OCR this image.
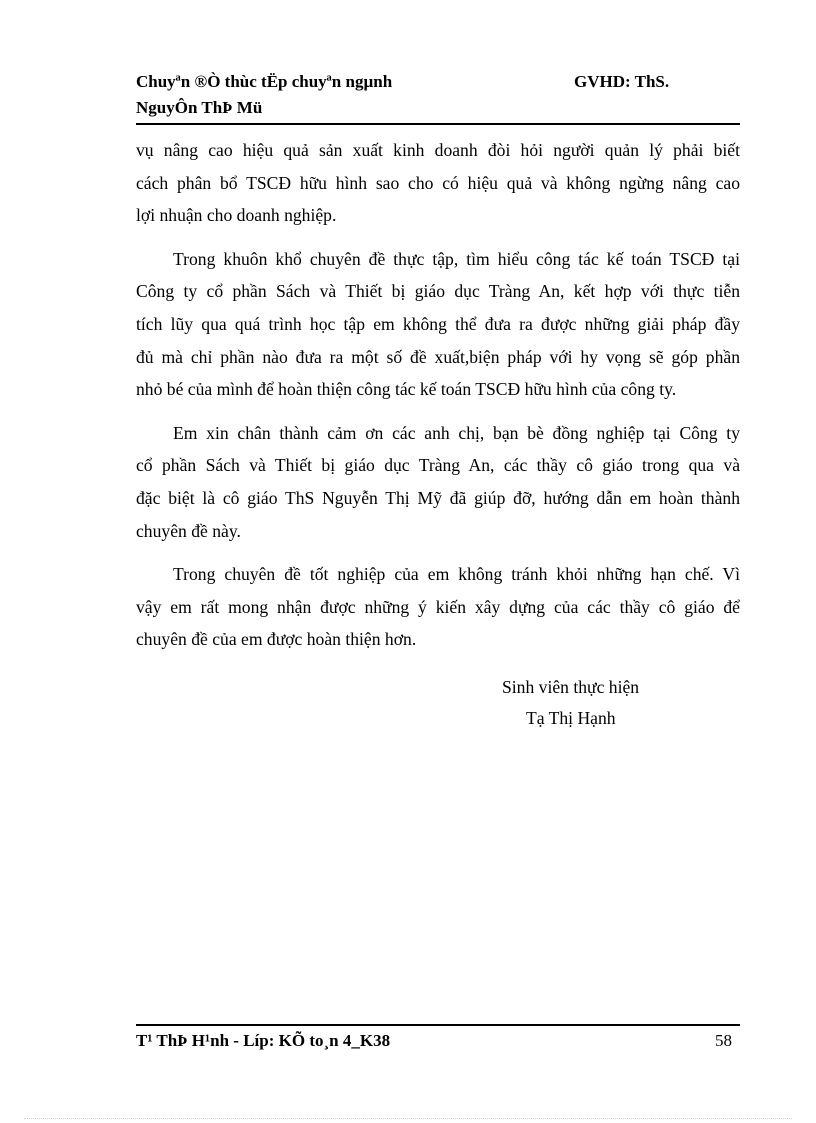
Chuyªn ®Ò thùc tËp chuyªn ngµnh	GVHD: ThS.
NguyÔn ThÞ Mü
vụ nâng cao hiệu quả sản xuất kinh doanh đòi hỏi người quản lý phải biết
cách phân bổ TSCĐ hữu hình sao cho có hiệu quả và không ngừng nâng cao
lợi nhuận cho doanh nghiệp.
Trong khuôn khổ chuyên đề thực tập, tìm hiểu công tác kế toán TSCĐ tại
Công ty cổ phần Sách và Thiết bị giáo dục Tràng An, kết hợp với thực tiễn
tích lũy qua quá trình học tập em không thể đưa ra được những giải pháp đầy
đủ mà chỉ phần nào đưa ra một số đề xuất,biện pháp với hy vọng sẽ góp phần
nhỏ bé của mình để hoàn thiện công tác kế toán TSCĐ hữu hình của công ty.
Em xin chân thành cảm ơn các anh chị, bạn bè đồng nghiệp tại Công ty
cổ phần Sách và Thiết bị giáo dục Tràng An, các thầy cô giáo trong qua và
đặc biệt là cô giáo ThS Nguyễn Thị Mỹ đã giúp đỡ, hướng dẫn em hoàn thành
chuyên đề này.
Trong chuyên đề tốt nghiệp của em không tránh khỏi những hạn chế. Vì
vậy em rất mong nhận được những ý kiến xây dựng của các thầy cô giáo để
chuyên đề của em được hoàn thiện hơn.
Sinh viên thực hiện
Tạ Thị Hạnh
T¹ ThÞ H¹nh - Líp: KÕ to¸n 4_K38	58
